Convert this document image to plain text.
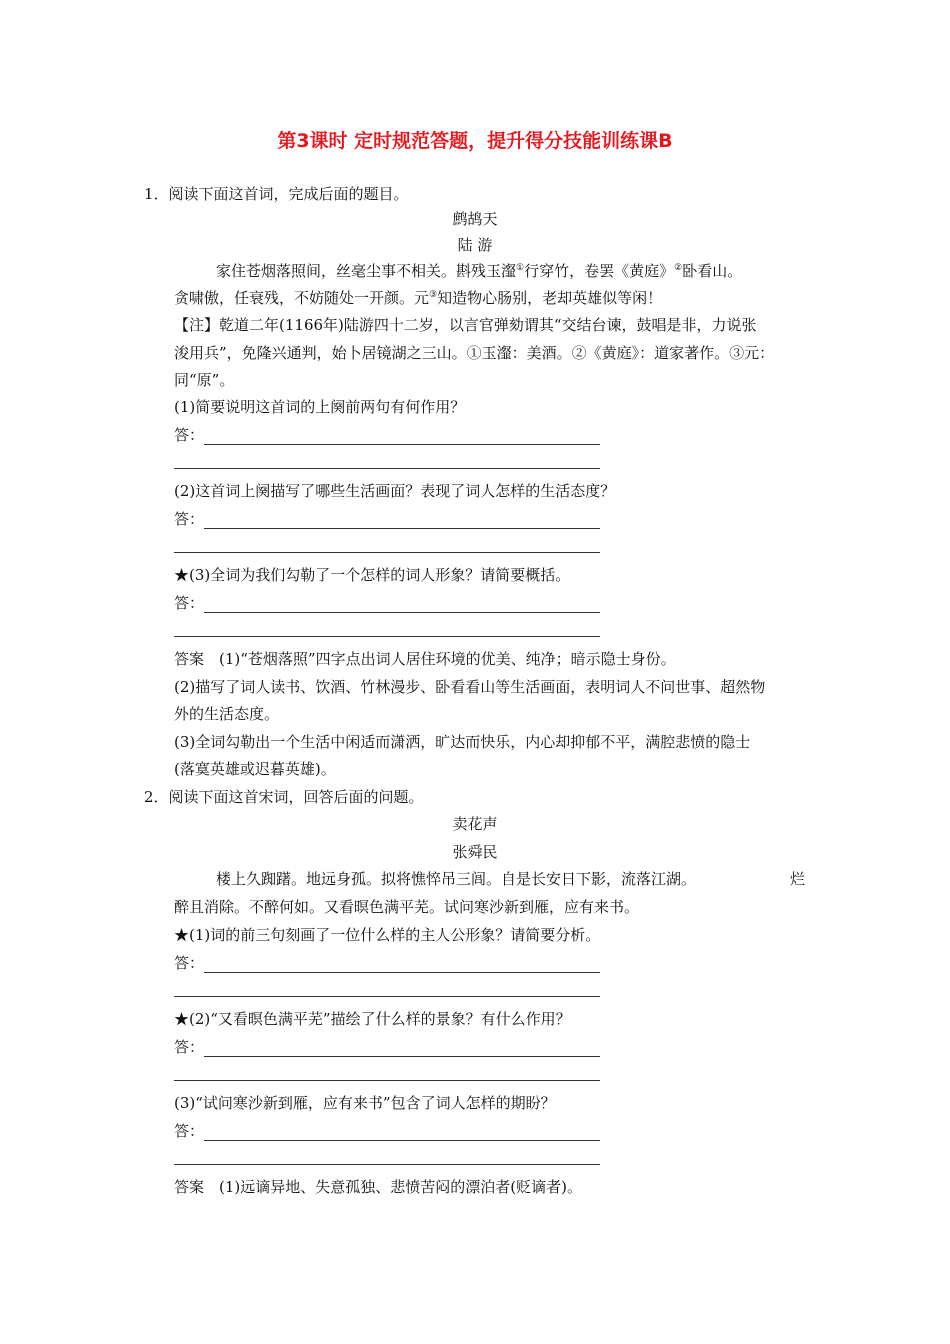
第3课时 定时规范答题，提升得分技能训练课B
1．阅读下面这首词，完成后面的题目。
鹧鸪天
陆 游
家住苍烟落照间，丝毫尘事不相关。斟残玉瀣①行穿竹，卷罢《黄庭》②卧看山。
贪啸傲，任衰残，不妨随处一开颜。元③知造物心肠别，老却英雄似等闲！
【注】乾道二年(1166年)陆游四十二岁，以言官弹劾谓其“交结台谏，鼓唱是非，力说张
浚用兵”，免隆兴通判，始卜居镜湖之三山。①玉瀣：美酒。②《黄庭》：道家著作。③元：
同“原”。
(1)简要说明这首词的上阕前两句有何作用？
答：
(2)这首词上阕描写了哪些生活画面？表现了词人怎样的生活态度？
答：
★(3)全词为我们勾勒了一个怎样的词人形象？请简要概括。
答：
答案　(1)“苍烟落照”四字点出词人居住环境的优美、纯净；暗示隐士身份。
(2)描写了词人读书、饮酒、竹林漫步、卧看看山等生活画面，表明词人不问世事、超然物
外的生活态度。
(3)全词勾勒出一个生活中闲适而潇洒，旷达而快乐，内心却抑郁不平，满腔悲愤的隐士
(落寞英雄或迟暮英雄)。
2．阅读下面这首宋词，回答后面的问题。
卖花声
张舜民
楼上久踟躇。地远身孤。拟将憔悴吊三闾。自是长安日下影，流落江湖。	烂
醉且消除。不醉何如。又看暝色满平芜。试问寒沙新到雁，应有来书。
★(1)词的前三句刻画了一位什么样的主人公形象？请简要分析。
答：
★(2)“又看暝色满平芜”描绘了什么样的景象？有什么作用？
答：
(3)“试问寒沙新到雁，应有来书”包含了词人怎样的期盼？
答：
答案　(1)远谪异地、失意孤独、悲愤苦闷的漂泊者(贬谪者)。
